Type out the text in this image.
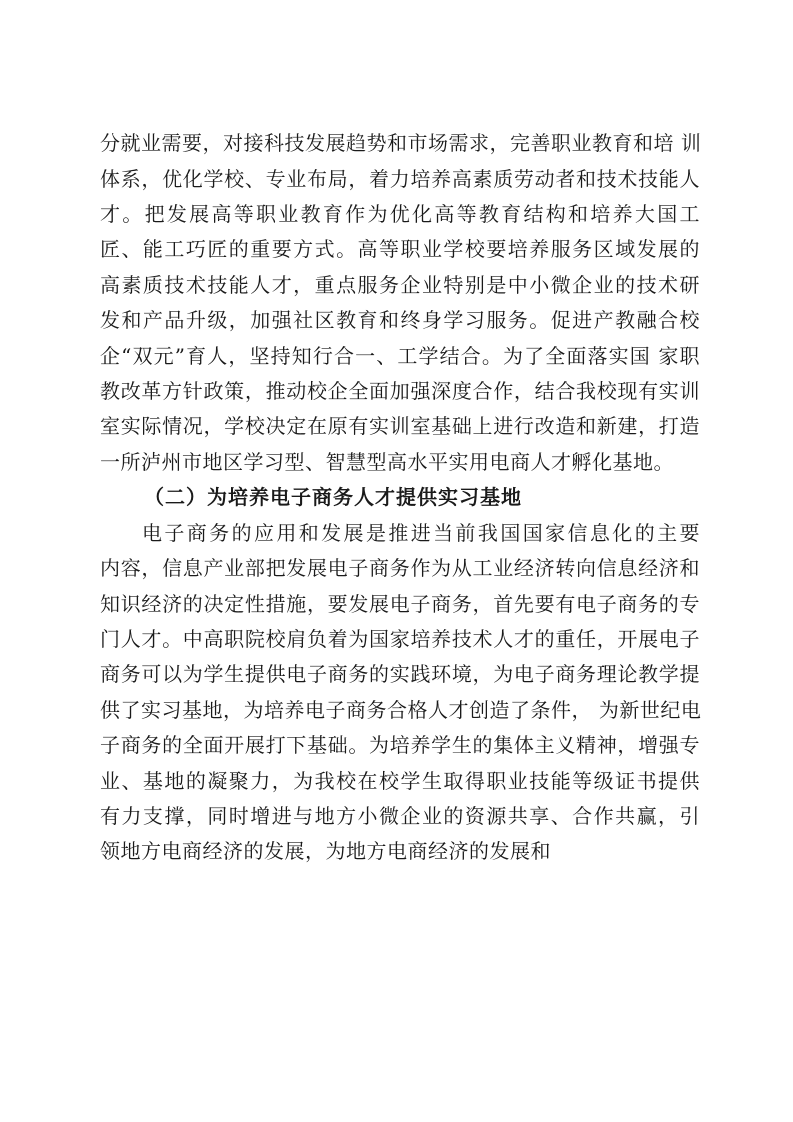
分就业需要，对接科技发展趋势和市场需求，完善职业教育和培 训
体系，优化学校、专业布局，着力培养高素质劳动者和技术技能人
才。把发展高等职业教育作为优化高等教育结构和培养大国工
匠、能工巧匠的重要方式。高等职业学校要培养服务区域发展的
高素质技术技能人才，重点服务企业特别是中小微企业的技术研
发和产品升级，加强社区教育和终身学习服务。促进产教融合校
企“双元”育人，坚持知行合一、工学结合。为了全面落实国 家职
教改革方针政策，推动校企全面加强深度合作，结合我校现有实训
室实际情况，学校决定在原有实训室基础上进行改造和新建，打造
一所泸州市地区学习型、智慧型高水平实用电商人才孵化基地。
（二）为培养电子商务人才提供实习基地
电子商务的应用和发展是推进当前我国国家信息化的主要
内容，信息产业部把发展电子商务作为从工业经济转向信息经济和
知识经济的决定性措施，要发展电子商务，首先要有电子商务的专
门人才。中高职院校肩负着为国家培养技术人才的重任，开展电子
商务可以为学生提供电子商务的实践环境，为电子商务理论教学提
供了实习基地，为培养电子商务合格人才创造了条件， 为新世纪电
子商务的全面开展打下基础。为培养学生的集体主义精神，增强专
业、基地的凝聚力，为我校在校学生取得职业技能等级证书提供
有力支撑，同时增进与地方小微企业的资源共享、合作共赢，引
领地方电商经济的发展，为地方电商经济的发展和
